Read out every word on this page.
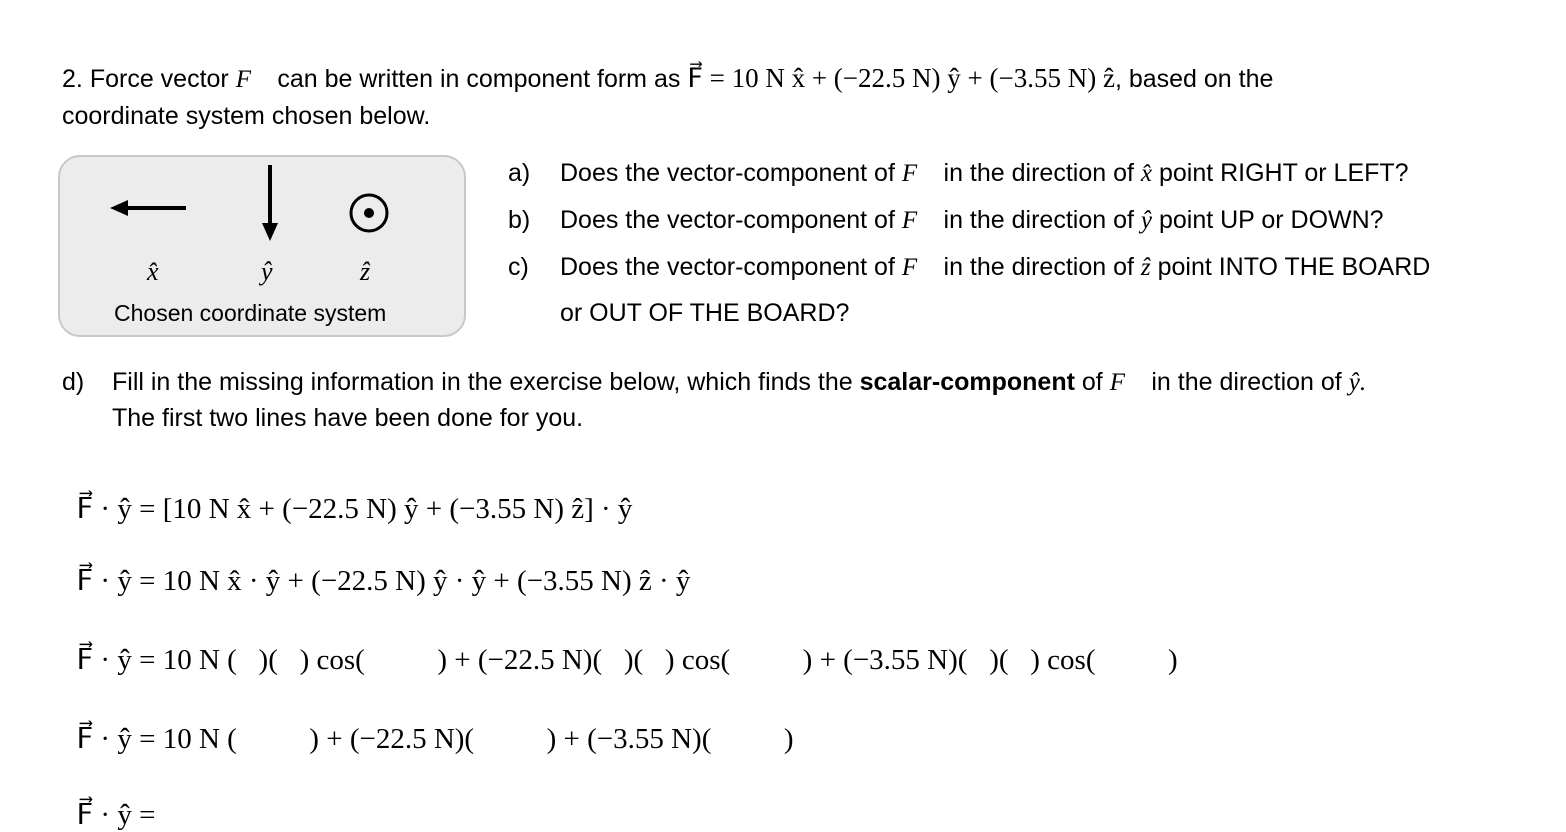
2. Force vector F⃗ can be written in component form as F⃗ = 10 N x̂ + (−22.5 N) ŷ + (−3.55 N) ẑ, based on the
coordinate system chosen below.
x̂	ŷ	ẑ
Chosen coordinate system
a) Does the vector-component of F⃗ in the direction of x̂ point RIGHT or LEFT?
b) Does the vector-component of F⃗ in the direction of ŷ point UP or DOWN?
c) Does the vector-component of F⃗ in the direction of ẑ point INTO THE BOARD
or OUT OF THE BOARD?
d) Fill in the missing information in the exercise below, which finds the scalar-component of F⃗ in the direction of ŷ.
The first two lines have been done for you.

F⃗ · ŷ = [10 N x̂ + (−22.5 N) ŷ + (−3.55 N) ẑ] · ŷ

F⃗ · ŷ = 10 N x̂ · ŷ + (−22.5 N) ŷ · ŷ + (−3.55 N) ẑ · ŷ

F⃗ · ŷ = 10 N (   )(   ) cos(          ) + (−22.5 N)(   )(   ) cos(          ) + (−3.55 N)(   )(   ) cos(          )

F⃗ · ŷ = 10 N (          ) + (−22.5 N)(          ) + (−3.55 N)(          )

F⃗ · ŷ =
